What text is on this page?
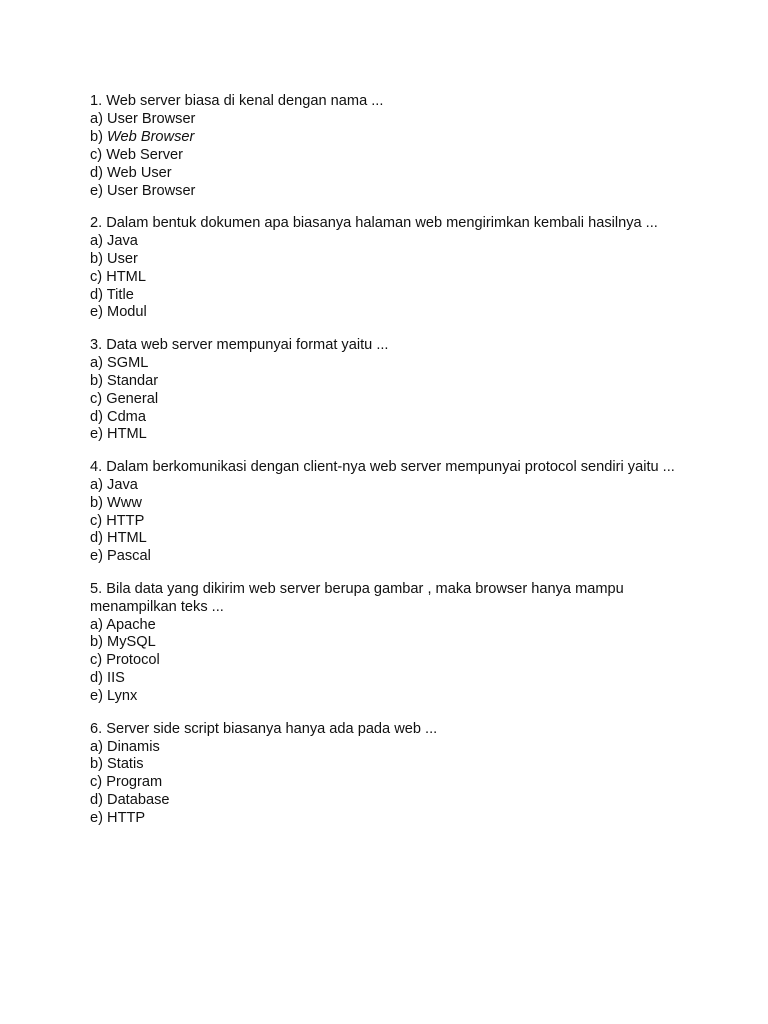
1. Web server biasa di kenal dengan nama ...
a) User Browser
b) Web Browser
c) Web Server
d) Web User
e) User Browser
2. Dalam bentuk dokumen apa biasanya halaman web mengirimkan kembali hasilnya ...
a) Java
b) User
c) HTML
d) Title
e) Modul
3. Data web server mempunyai format yaitu ...
a) SGML
b) Standar
c) General
d) Cdma
e) HTML
4. Dalam berkomunikasi dengan client-nya web server mempunyai protocol sendiri yaitu ...
a) Java
b) Www
c) HTTP
d) HTML
e) Pascal
5. Bila data yang dikirim web server berupa gambar , maka browser hanya mampu menampilkan teks ...
a) Apache
b) MySQL
c) Protocol
d) IIS
e) Lynx
6. Server side script biasanya hanya ada pada web ...
a) Dinamis
b) Statis
c) Program
d) Database
e) HTTP
